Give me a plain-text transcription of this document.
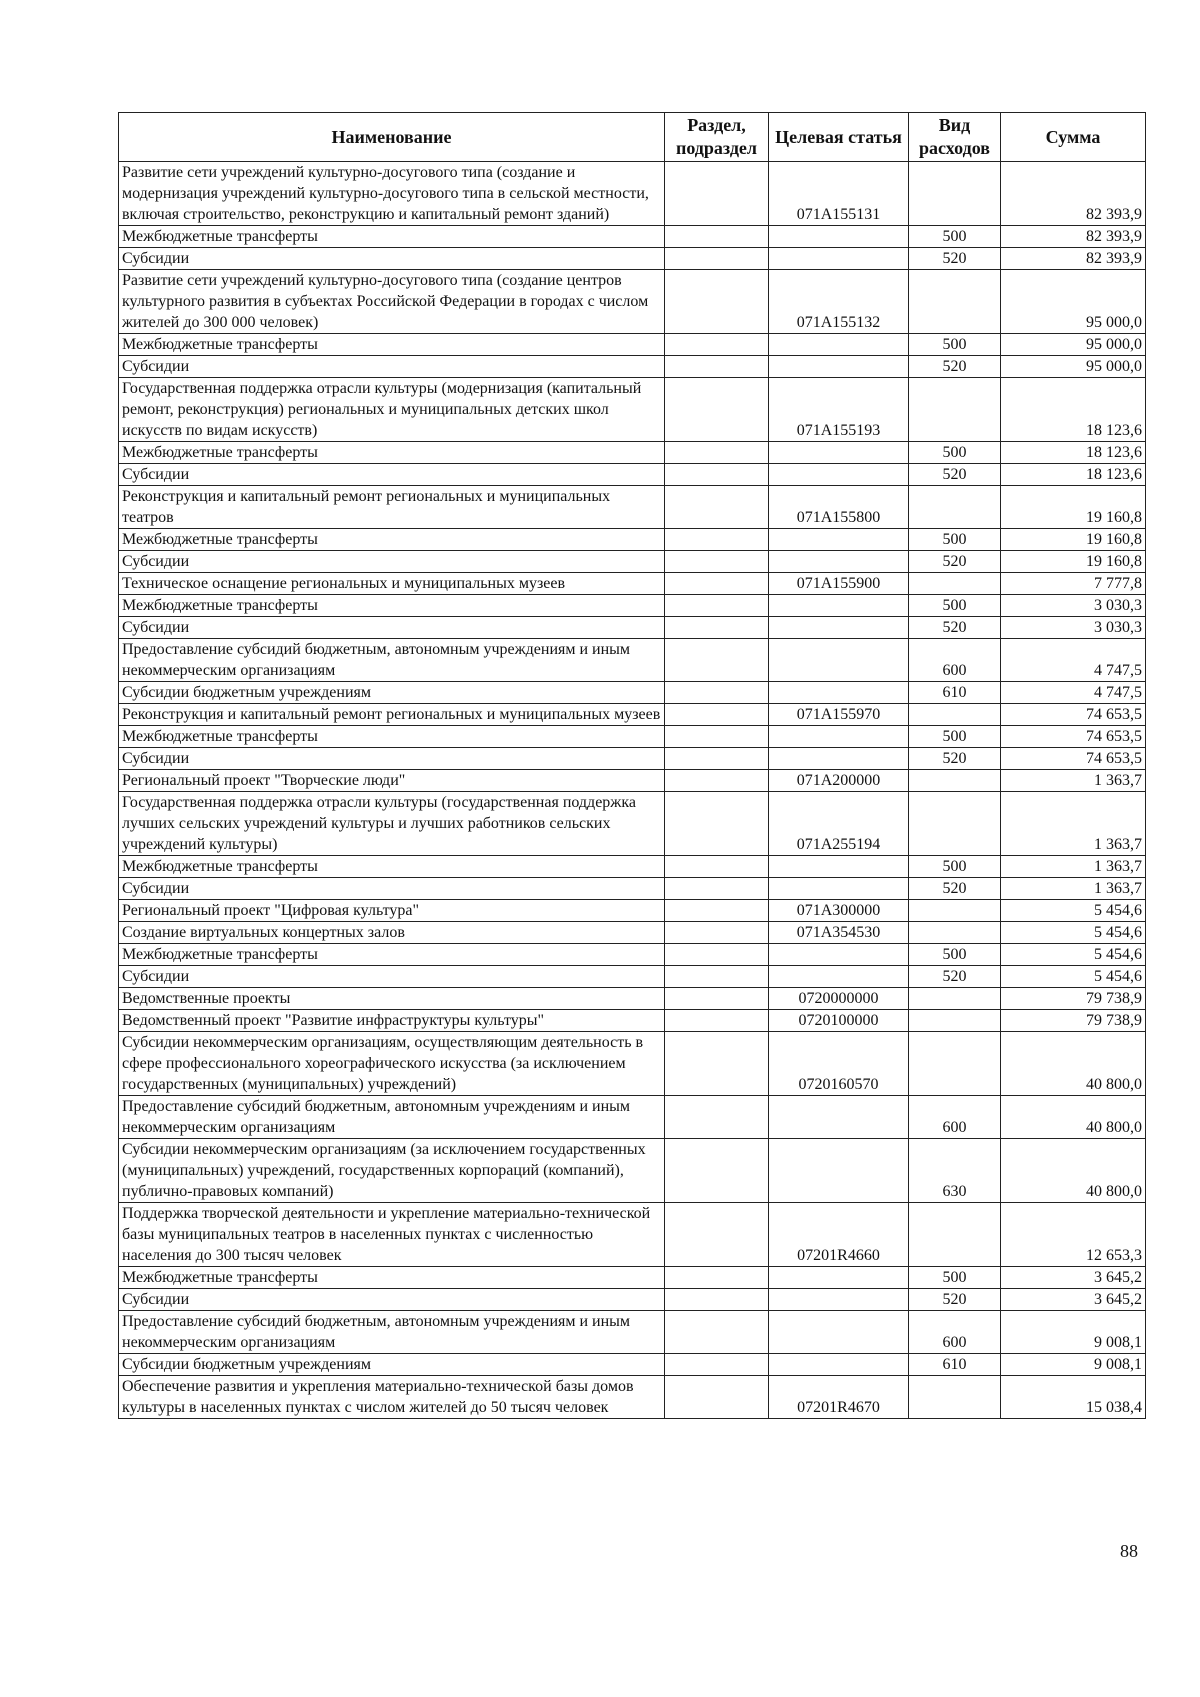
Наименование	Раздел, подраздел	Целевая статья	Вид расходов	Сумма
Развитие сети учреждений культурно-досугового типа (создание и модернизация учреждений культурно-досугового типа в сельской местности, включая строительство, реконструкцию и капитальный ремонт зданий)		071A155131		82 393,9
Межбюджетные трансферты			500	82 393,9
Субсидии			520	82 393,9
Развитие сети учреждений культурно-досугового типа (создание центров культурного развития в субъектах Российской Федерации в городах с числом жителей до 300 000 человек)		071A155132		95 000,0
Межбюджетные трансферты			500	95 000,0
Субсидии			520	95 000,0
Государственная поддержка отрасли культуры (модернизация (капитальный ремонт, реконструкция) региональных и муниципальных детских школ искусств по видам искусств)		071A155193		18 123,6
Межбюджетные трансферты			500	18 123,6
Субсидии			520	18 123,6
Реконструкция и капитальный ремонт региональных и муниципальных театров		071A155800		19 160,8
Межбюджетные трансферты			500	19 160,8
Субсидии			520	19 160,8
Техническое оснащение региональных и муниципальных музеев		071A155900		7 777,8
Межбюджетные трансферты			500	3 030,3
Субсидии			520	3 030,3
Предоставление субсидий бюджетным, автономным учреждениям и иным некоммерческим организациям			600	4 747,5
Субсидии бюджетным учреждениям			610	4 747,5
Реконструкция и капитальный ремонт региональных и муниципальных музеев		071A155970		74 653,5
Межбюджетные трансферты			500	74 653,5
Субсидии			520	74 653,5
Региональный проект "Творческие люди"		071A200000		1 363,7
Государственная поддержка отрасли культуры (государственная поддержка лучших сельских учреждений культуры и лучших работников сельских учреждений культуры)		071A255194		1 363,7
Межбюджетные трансферты			500	1 363,7
Субсидии			520	1 363,7
Региональный проект "Цифровая культура"		071A300000		5 454,6
Создание виртуальных концертных залов		071A354530		5 454,6
Межбюджетные трансферты			500	5 454,6
Субсидии			520	5 454,6
Ведомственные проекты		0720000000		79 738,9
Ведомственный проект "Развитие инфраструктуры культуры"		0720100000		79 738,9
Субсидии некоммерческим организациям, осуществляющим деятельность в сфере профессионального хореографического искусства (за исключением государственных (муниципальных) учреждений)		0720160570		40 800,0
Предоставление субсидий бюджетным, автономным учреждениям и иным некоммерческим организациям			600	40 800,0
Субсидии некоммерческим организациям (за исключением государственных (муниципальных) учреждений, государственных корпораций (компаний), публично-правовых компаний)			630	40 800,0
Поддержка творческой деятельности и укрепление материально-технической базы муниципальных театров в населенных пунктах с численностью населения до 300 тысяч человек		07201R4660		12 653,3
Межбюджетные трансферты			500	3 645,2
Субсидии			520	3 645,2
Предоставление субсидий бюджетным, автономным учреждениям и иным некоммерческим организациям			600	9 008,1
Субсидии бюджетным учреждениям			610	9 008,1
Обеспечение развития и укрепления материально-технической базы домов культуры в населенных пунктах с числом жителей до 50 тысяч человек		07201R4670		15 038,4
88
